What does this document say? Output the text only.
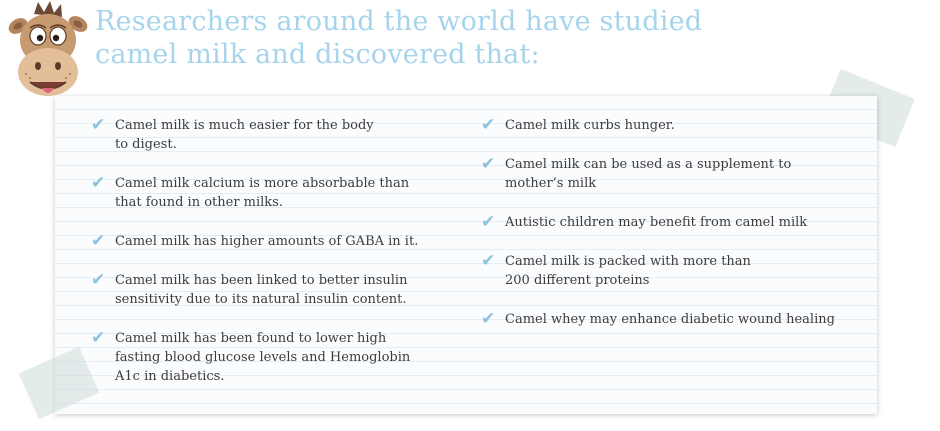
Researchers around the world have studied
camel milk and discovered that:
✔ Camel milk is much easier for the body
to digest.
✔ Camel milk calcium is more absorbable than
that found in other milks.
✔ Camel milk has higher amounts of GABA in it.
✔ Camel milk has been linked to better insulin
sensitivity due to its natural insulin content.
✔ Camel milk has been found to lower high
fasting blood glucose levels and Hemoglobin
A1c in diabetics.
✔ Camel milk curbs hunger.
✔ Camel milk can be used as a supplement to
mother’s milk
✔ Autistic children may benefit from camel milk
✔ Camel milk is packed with more than
200 different proteins
✔ Camel whey may enhance diabetic wound healing
